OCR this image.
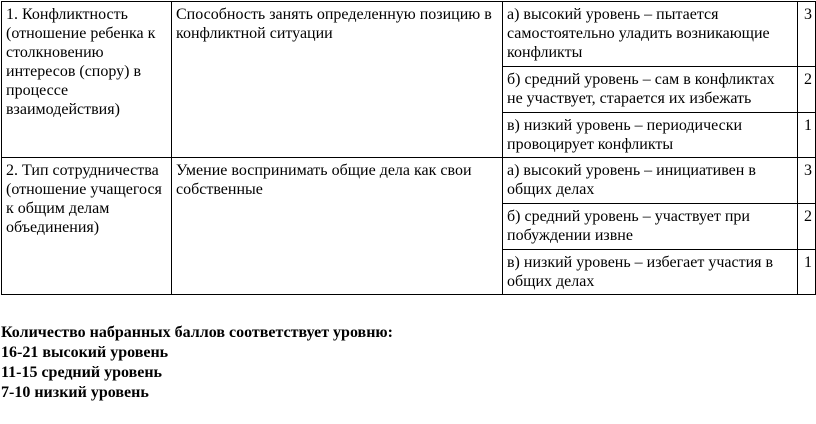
1. Конфликтность (отношение ребенка к столкновению интересов (спору) в процессе взаимодействия)	Способность занять определенную позицию в конфликтной ситуации	а) высокий уровень – пытается самостоятельно уладить возникающие конфликты	3
		б) средний уровень – сам в конфликтах не участвует, старается их избежать	2
		в) низкий уровень – периодически провоцирует конфликты	1
2. Тип сотрудничества (отношение учащегося к общим делам объединения)	Умение воспринимать общие дела как свои собственные	а) высокий уровень – инициативен в общих делах	3
		б) средний уровень – участвует при побуждении извне	2
		в) низкий уровень – избегает участия в общих делах	1
Количество набранных баллов соответствует уровню:
16-21 высокий уровень
11-15 средний уровень
7-10 низкий уровень
